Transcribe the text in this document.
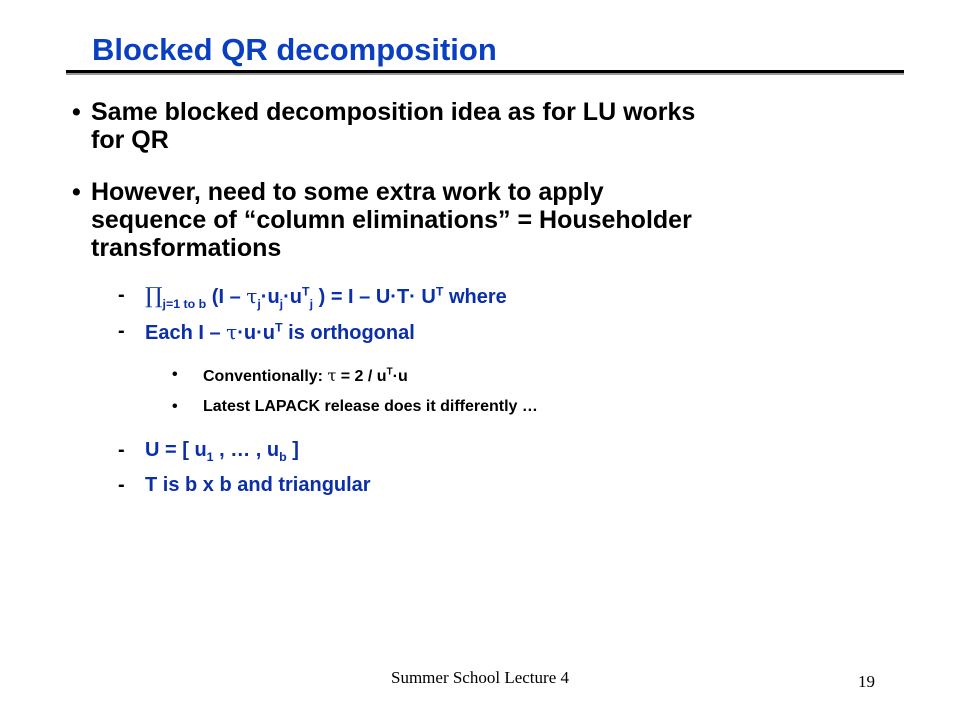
Blocked QR decomposition
• Same blocked decomposition idea as for LU works
for QR
• However, need to some extra work to apply
sequence of “column eliminations” = Householder
transformations
- $\prod_{j=1 to b}$ ($I - \tau_j\cdot u_j\cdot u^T_j$ ) = $I - U\cdot T\cdot U^T$ where
- Each $I - \tau\cdot u\cdot u^T$ is orthogonal
• Conventionally: $\tau = 2 / u^T\cdot u$
• Latest LAPACK release does it differently …
- U = [ $u_1$ , … , $u_b$ ]
- T is b x b and triangular
Summer School Lecture 4	19
